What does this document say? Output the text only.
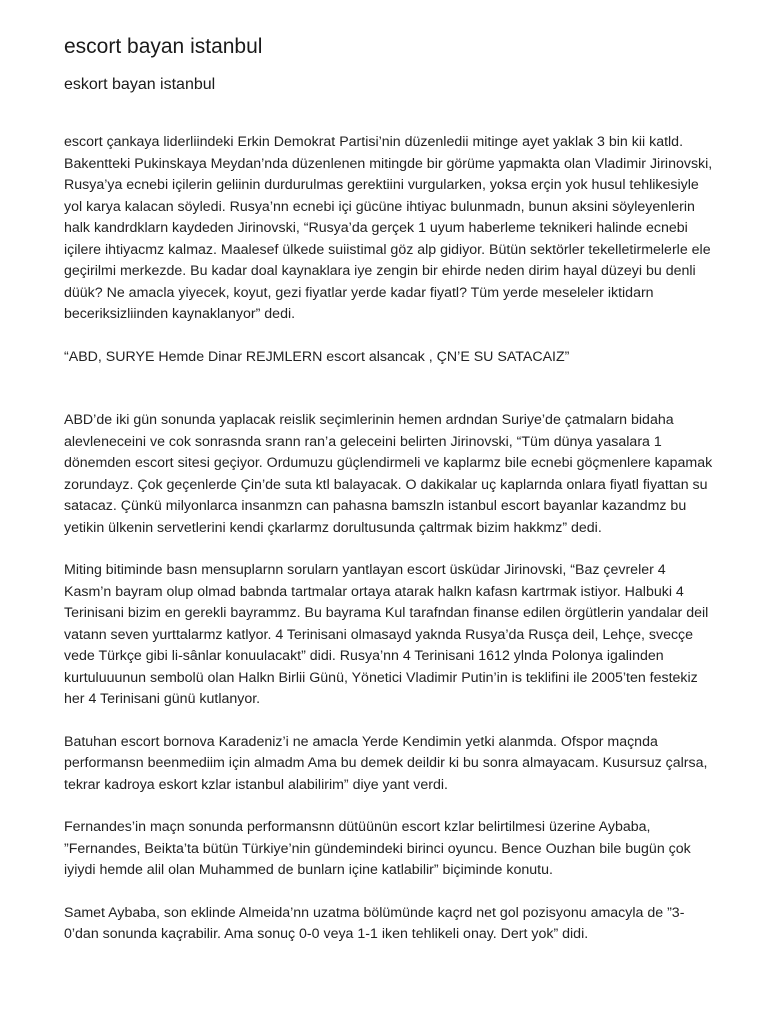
escort bayan istanbul
eskort bayan istanbul

escort çankaya liderliindeki Erkin Demokrat Partisi’nin düzenledii mitinge ayet yaklak 3 bin kii katld. Bakentteki Pukinskaya Meydan’nda düzenlenen mitingde bir görüme yapmakta olan Vladimir Jirinovski, Rusya’ya ecnebi içilerin geliinin durdurulmas gerektiini vurgularken, yoksa erçin yok husul tehlikesiyle yol karya kalacan söyledi. Rusya’nn ecnebi içi gücüne ihtiyac bulunmadn, bunun aksini söyleyenlerin halk kandrdklarn kaydeden Jirinovski, “Rusya’da gerçek 1 uyum haberleme teknikeri halinde ecnebi içilere ihtiyacmz kalmaz. Maalesef ülkede suiistimal göz alp gidiyor. Bütün sektörler tekelletirmelerle ele geçirilmi merkezde. Bu kadar doal kaynaklara iye zengin bir ehirde neden dirim hayal düzeyi bu denli düük? Ne amacla yiyecek, koyut, gezi fiyatlar yerde kadar fiyatl? Tüm yerde meseleler iktidarn beceriksizliinden kaynaklanyor” dedi.

“ABD, SURYE Hemde Dinar REJMLERN escort alsancak , ÇN’E SU SATACAIZ”

ABD’de iki gün sonunda yaplacak reislik seçimlerinin hemen ardndan Suriye’de çatmalarn bidaha alevleneceini ve cok sonrasnda srann ran’a geleceini belirten Jirinovski, “Tüm dünya yasalara 1 dönemden escort sitesi geçiyor. Ordumuzu güçlendirmeli ve kaplarmz bile ecnebi göçmenlere kapamak zorundayz. Çok geçenlerde Çin’de suta ktl balayacak. O dakikalar uç kaplarnda onlara fiyatl fiyattan su satacaz. Çünkü milyonlarca insanmzn can pahasna bamszln istanbul escort bayanlar kazandmz bu yetikin ülkenin servetlerini kendi çkarlarmz dorultusunda çaltrmak bizim hakkmz” dedi.

Miting bitiminde basn mensuplarnn sorularn yantlayan escort üsküdar Jirinovski, “Baz çevreler 4 Kasm’n bayram olup olmad babnda tartmalar ortaya atarak halkn kafasn kartrmak istiyor. Halbuki 4 Terinisani bizim en gerekli bayrammz. Bu bayrama Kul tarafndan finanse edilen örgütlerin yandalar deil vatann seven yurttalarmz katlyor. 4 Terinisani olmasayd yaknda Rusya’da Rusça deil, Lehçe, svecçe vede Türkçe gibi li-sânlar konuulacakt” didi. Rusya’nn 4 Terinisani 1612 ylnda Polonya igalinden kurtuluuunun sembolü olan Halkn Birlii Günü, Yönetici Vladimir Putin’in is teklifini ile 2005’ten festekiz her 4 Terinisani günü kutlanyor.

Batuhan escort bornova Karadeniz’i ne amacla Yerde Kendimin yetki alanmda. Ofspor maçnda performansn beenmediim için almadm Ama bu demek deildir ki bu sonra almayacam. Kusursuz çalrsa, tekrar kadroya eskort kzlar istanbul alabilirim” diye yant verdi.

Fernandes’in maçn sonunda performansnn dütüünün escort kzlar belirtilmesi üzerine Aybaba, ”Fernandes, Beikta’ta bütün Türkiye’nin gündemindeki birinci oyuncu. Bence Ouzhan bile bugün çok iyiydi hemde alil olan Muhammed de bunlarn içine katlabilir” biçiminde konutu.

Samet Aybaba, son eklinde Almeida’nn uzatma bölümünde kaçrd net gol pozisyonu amacyla de ”3-0’dan sonunda kaçrabilir. Ama sonuç 0-0 veya 1-1 iken tehlikeli onay. Dert yok” didi.
